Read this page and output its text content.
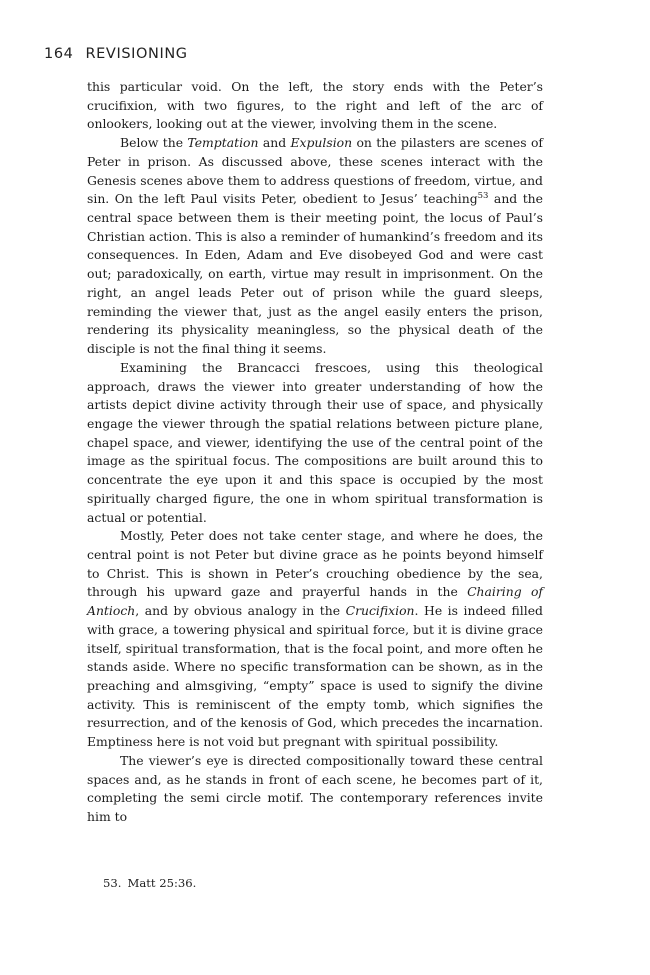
164 REVISIONING

this particular void. On the left, the story ends with the Peter’s crucifixion, with two figures, to the right and left of the arc of onlookers, looking out at the viewer, involving them in the scene.

Below the Temptation and Expulsion on the pilasters are scenes of Peter in prison. As discussed above, these scenes interact with the Genesis scenes above them to address questions of freedom, virtue, and sin. On the left Paul visits Peter, obedient to Jesus’ teaching$^{53}$ and the central space between them is their meeting point, the locus of Paul’s Christian action. This is also a reminder of humankind’s freedom and its consequences. In Eden, Adam and Eve disobeyed God and were cast out; paradoxically, on earth, virtue may result in imprisonment. On the right, an angel leads Peter out of prison while the guard sleeps, reminding the viewer that, just as the angel easily enters the prison, rendering its physicality meaningless, so the physical death of the disciple is not the final thing it seems.

Examining the Brancacci frescoes, using this theological approach, draws the viewer into greater understanding of how the artists depict divine activity through their use of space, and physically engage the viewer through the spatial relations between picture plane, chapel space, and viewer, identifying the use of the central point of the image as the spiritual focus. The compositions are built around this to concentrate the eye upon it and this space is occupied by the most spiritually charged figure, the one in whom spiritual transformation is actual or potential.

Mostly, Peter does not take center stage, and where he does, the central point is not Peter but divine grace as he points beyond himself to Christ. This is shown in Peter’s crouching obedience by the sea, through his upward gaze and prayerful hands in the Chairing of Antioch, and by obvious analogy in the Crucifixion. He is indeed filled with grace, a towering physical and spiritual force, but it is divine grace itself, spiritual transformation, that is the focal point, and more often he stands aside. Where no specific transformation can be shown, as in the preaching and almsgiving, “empty” space is used to signify the divine activity. This is reminiscent of the empty tomb, which signifies the resurrection, and of the kenosis of God, which precedes the incarnation. Emptiness here is not void but pregnant with spiritual possibility.

The viewer’s eye is directed compositionally toward these central spaces and, as he stands in front of each scene, he becomes part of it, completing the semi circle motif. The contemporary references invite him to

53. Matt 25:36.
